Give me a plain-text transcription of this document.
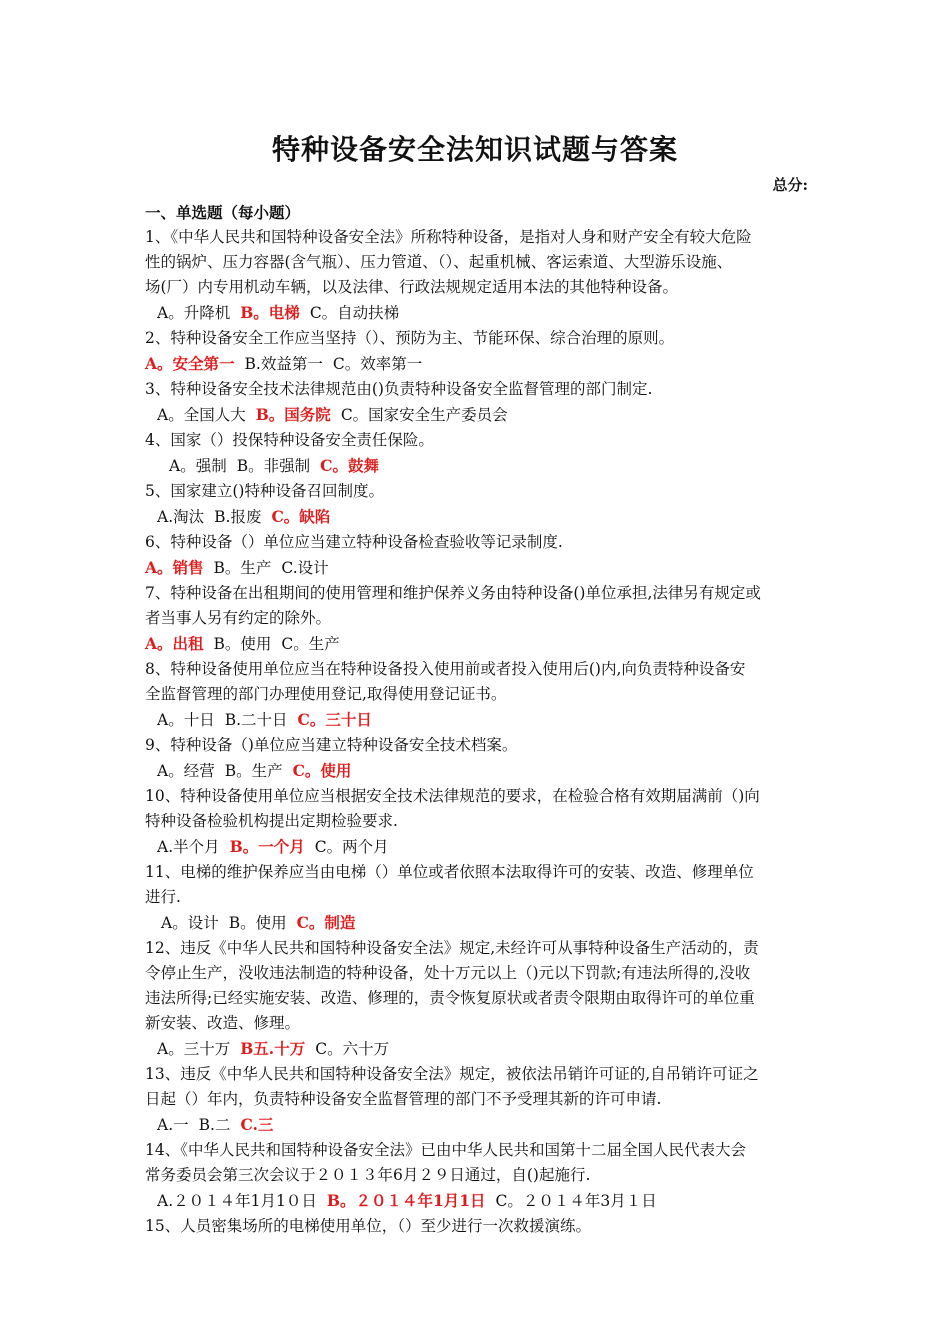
特种设备安全法知识试题与答案
总分:
一、单选题（每小题）
1、《中华人民共和国特种设备安全法》所称特种设备，是指对人身和财产安全有较大危险
性的锅炉、压力容器(含气瓶）、压力管道、（）、起重机械、客运索道、大型游乐设施、
场(厂）内专用机动车辆，以及法律、行政法规规定适用本法的其他特种设备。
A。升降机 B。电梯 C。自动扶梯
2、特种设备安全工作应当坚持（）、预防为主、节能环保、综合治理的原则。
A。安全第一 B.效益第一 C。效率第一
3、特种设备安全技术法律规范由()负责特种设备安全监督管理的部门制定.
A。全国人大 B。国务院 C。国家安全生产委员会
4、国家（）投保特种设备安全责任保险。
A。强制 B。非强制 C。鼓舞
5、国家建立()特种设备召回制度。
A.淘汰 B.报废 C。缺陷
6、特种设备（）单位应当建立特种设备检查验收等记录制度.
A。销售 B。生产 C.设计
7、特种设备在出租期间的使用管理和维护保养义务由特种设备()单位承担,法律另有规定或
者当事人另有约定的除外。
A。出租 B。使用 C。生产
8、特种设备使用单位应当在特种设备投入使用前或者投入使用后()内,向负责特种设备安
全监督管理的部门办理使用登记,取得使用登记证书。
A。十日 B.二十日 C。三十日
9、特种设备（)单位应当建立特种设备安全技术档案。
A。经营 B。生产 C。使用
10、特种设备使用单位应当根据安全技术法律规范的要求，在检验合格有效期届满前（)向
特种设备检验机构提出定期检验要求.
A.半个月 B。一个月 C。两个月
11、电梯的维护保养应当由电梯（）单位或者依照本法取得许可的安装、改造、修理单位
进行.
A。设计 B。使用 C。制造
12、违反《中华人民共和国特种设备安全法》规定,未经许可从事特种设备生产活动的，责
令停止生产，没收违法制造的特种设备，处十万元以上（)元以下罚款;有违法所得的,没收
违法所得;已经实施安装、改造、修理的，责令恢复原状或者责令限期由取得许可的单位重
新安装、改造、修理。
A。三十万 B五.十万 C。六十万
13、违反《中华人民共和国特种设备安全法》规定，被依法吊销许可证的,自吊销许可证之
日起（）年内，负责特种设备安全监督管理的部门不予受理其新的许可申请.
A.一 B.二 C.三
14、《中华人民共和国特种设备安全法》已由中华人民共和国第十二届全国人民代表大会
常务委员会第三次会议于２０１３年6月２９日通过，自()起施行.
A.２０１４年1月1０日 B。２０１４年1月1日 C。２０１４年3月１日
15、人员密集场所的电梯使用单位，（）至少进行一次救援演练。
